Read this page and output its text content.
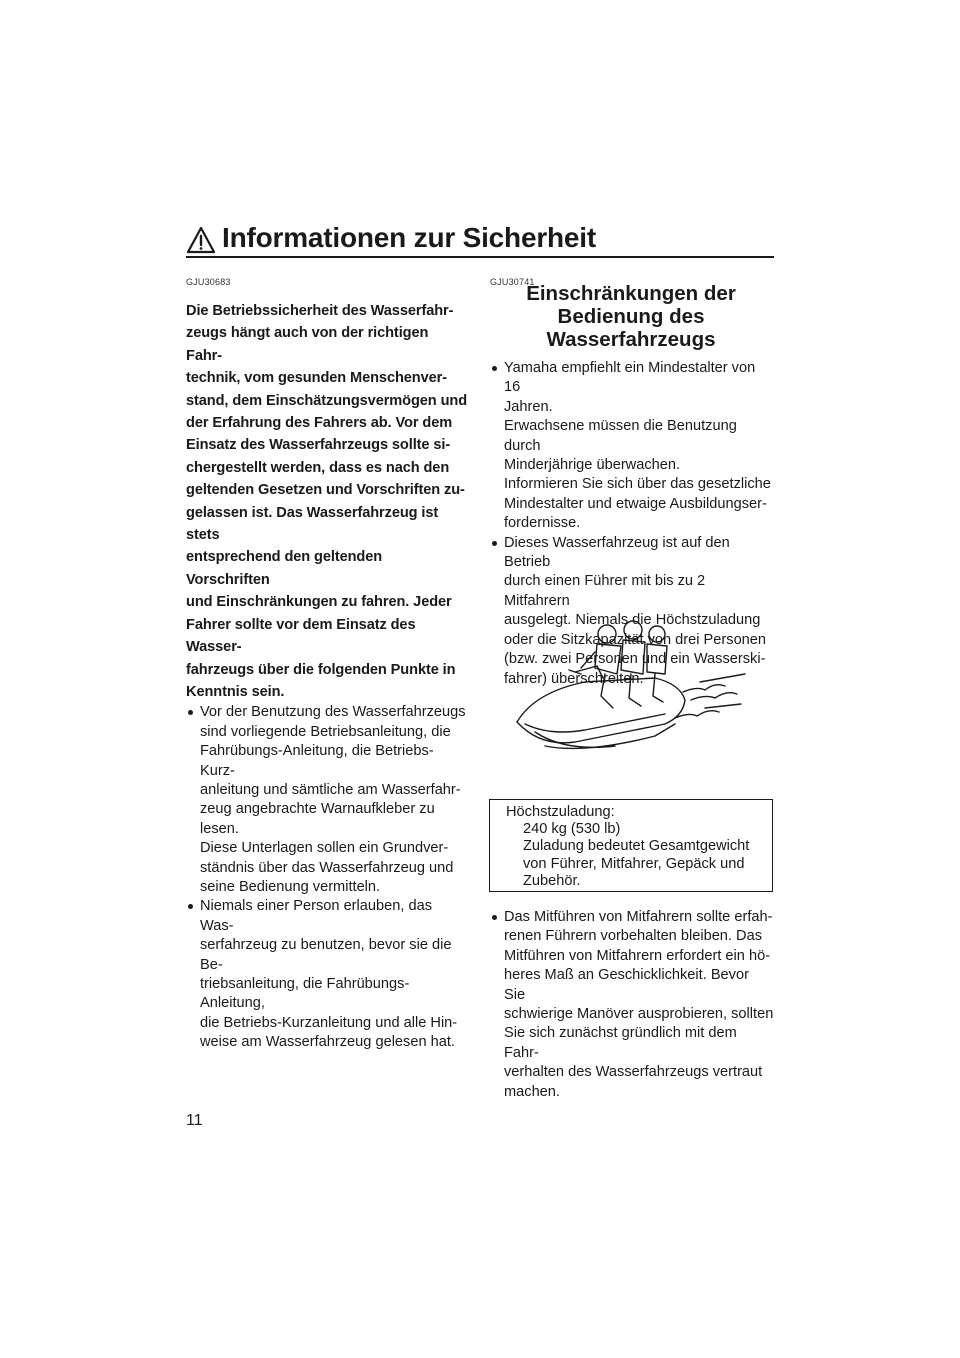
Informationen zur Sicherheit
GJU30683

Die Betriebssicherheit des Wasserfahr-
zeugs hängt auch von der richtigen Fahr-
technik, vom gesunden Menschenver-
stand, dem Einschätzungsvermögen und
der Erfahrung des Fahrers ab. Vor dem
Einsatz des Wasserfahrzeugs sollte si-
chergestellt werden, dass es nach den
geltenden Gesetzen und Vorschriften zu-
gelassen ist. Das Wasserfahrzeug ist stets
entsprechend den geltenden Vorschriften
und Einschränkungen zu fahren. Jeder
Fahrer sollte vor dem Einsatz des Wasser-
fahrzeugs über die folgenden Punkte in
Kenntnis sein.

Vor der Benutzung des Wasserfahrzeugs
sind vorliegende Betriebsanleitung, die
Fahrübungs-Anleitung, die Betriebs-Kurz-
anleitung und sämtliche am Wasserfahr-
zeug angebrachte Warnaufkleber zu lesen.
Diese Unterlagen sollen ein Grundver-
ständnis über das Wasserfahrzeug und
seine Bedienung vermitteln.
Niemals einer Person erlauben, das Was-
serfahrzeug zu benutzen, bevor sie die Be-
triebsanleitung, die Fahrübungs-Anleitung,
die Betriebs-Kurzanleitung und alle Hin-
weise am Wasserfahrzeug gelesen hat.
GJU30741
Einschränkungen der
Bedienung des
Wasserfahrzeugs
Yamaha empfiehlt ein Mindestalter von 16
Jahren.
Erwachsene müssen die Benutzung durch
Minderjährige überwachen.
Informieren Sie sich über das gesetzliche
Mindestalter und etwaige Ausbildungser-
fordernisse.
Dieses Wasserfahrzeug ist auf den Betrieb
durch einen Führer mit bis zu 2 Mitfahrern
ausgelegt. Niemals die Höchstzuladung
oder die Sitzkapazität von drei Personen
(bzw. zwei Personen und ein Wasserski-
fahrer) überschreiten.
Höchstzuladung:
240 kg (530 lb)
Zuladung bedeutet Gesamtgewicht
von Führer, Mitfahrer, Gepäck und
Zubehör.
Das Mitführen von Mitfahrern sollte erfah-
renen Führern vorbehalten bleiben. Das
Mitführen von Mitfahrern erfordert ein hö-
heres Maß an Geschicklichkeit. Bevor Sie
schwierige Manöver ausprobieren, sollten
Sie sich zunächst gründlich mit dem Fahr-
verhalten des Wasserfahrzeugs vertraut
machen.
11
